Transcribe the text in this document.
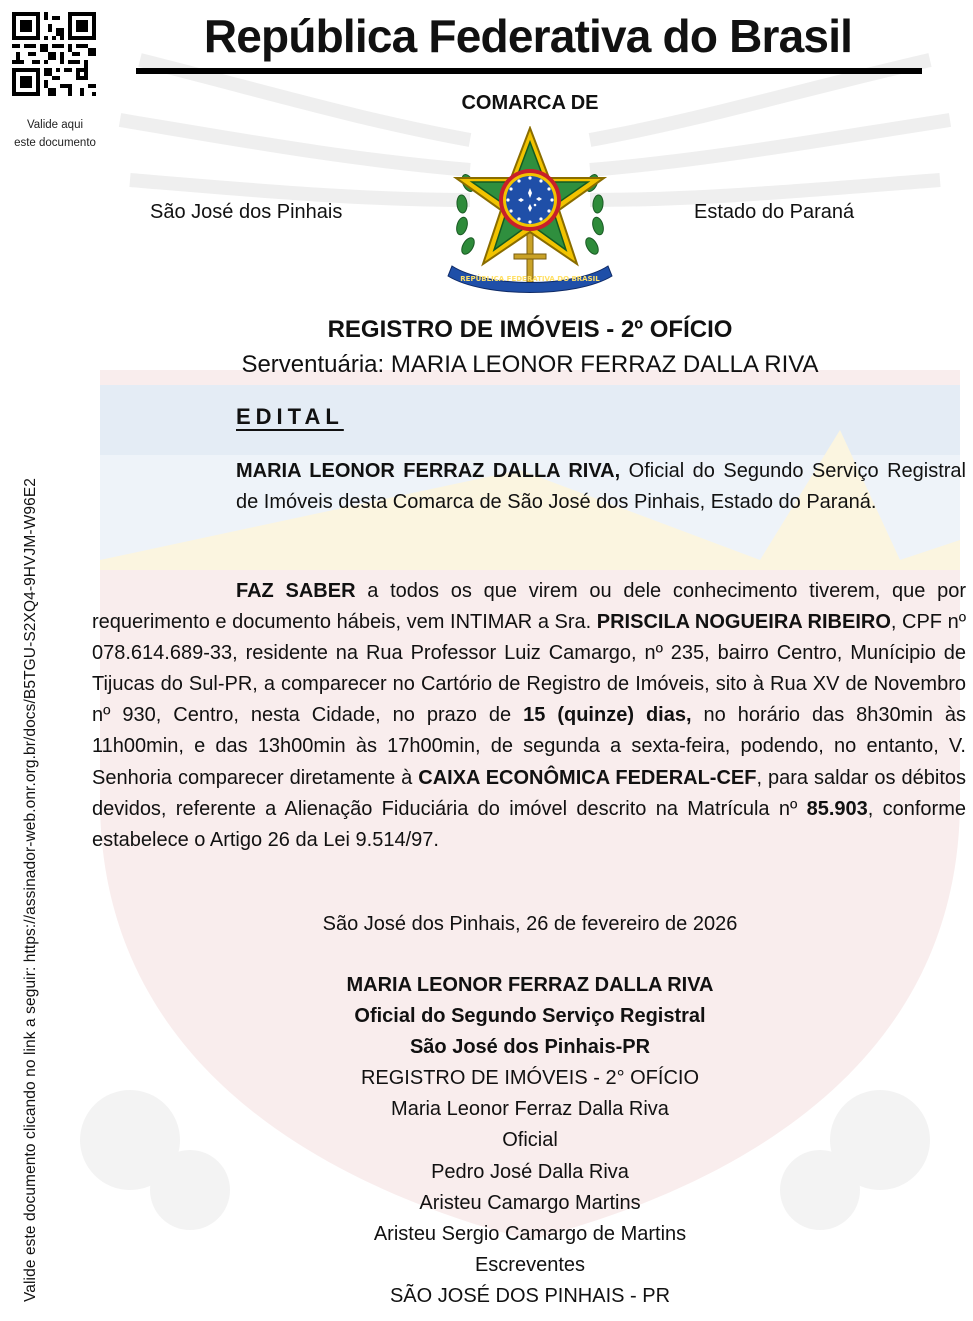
Valide aqui
este documento
Valide este documento clicando no link a seguir: https://assinador-web.onr.org.br/docs/B5TGU-S2XQ4-9HVJM-W96E2
República Federativa do Brasil
COMARCA DE
São José dos Pinhais	Estado do Paraná
REPÚBLICA FEDERATIVA DO BRASIL
REGISTRO DE IMÓVEIS - 2º OFÍCIO
Serventuária: MARIA LEONOR FERRAZ DALLA RIVA
EDITAL
MARIA LEONOR FERRAZ DALLA RIVA, Oficial do Segundo Serviço Registral de Imóveis desta Comarca de São José dos Pinhais, Estado do Paraná.
FAZ SABER a todos os que virem ou dele conhecimento tiverem, que por requerimento e documento hábeis, vem INTIMAR a Sra. PRISCILA NOGUEIRA RIBEIRO, CPF nº 078.614.689-33, residente na Rua Professor Luiz Camargo, nº 235, bairro Centro, Munícipio de Tijucas do Sul-PR, a comparecer no Cartório de Registro de Imóveis, sito à Rua XV de Novembro nº 930, Centro, nesta Cidade, no prazo de 15 (quinze) dias, no horário das 8h30min às 11h00min, e das 13h00min às 17h00min, de segunda a sexta-feira, podendo, no entanto, V. Senhoria comparecer diretamente à CAIXA ECONÔMICA FEDERAL-CEF, para saldar os débitos devidos, referente a Alienação Fiduciária do imóvel descrito na Matrícula nº 85.903, conforme estabelece o Artigo 26 da Lei 9.514/97.
São José dos Pinhais, 26 de fevereiro de 2026
MARIA LEONOR FERRAZ DALLA RIVA
Oficial do Segundo Serviço Registral
São José dos Pinhais-PR
REGISTRO DE IMÓVEIS - 2° OFÍCIO
Maria Leonor Ferraz Dalla Riva
Oficial
Pedro José Dalla Riva
Aristeu Camargo Martins
Aristeu Sergio Camargo de Martins
Escreventes
SÃO JOSÉ DOS PINHAIS - PR
